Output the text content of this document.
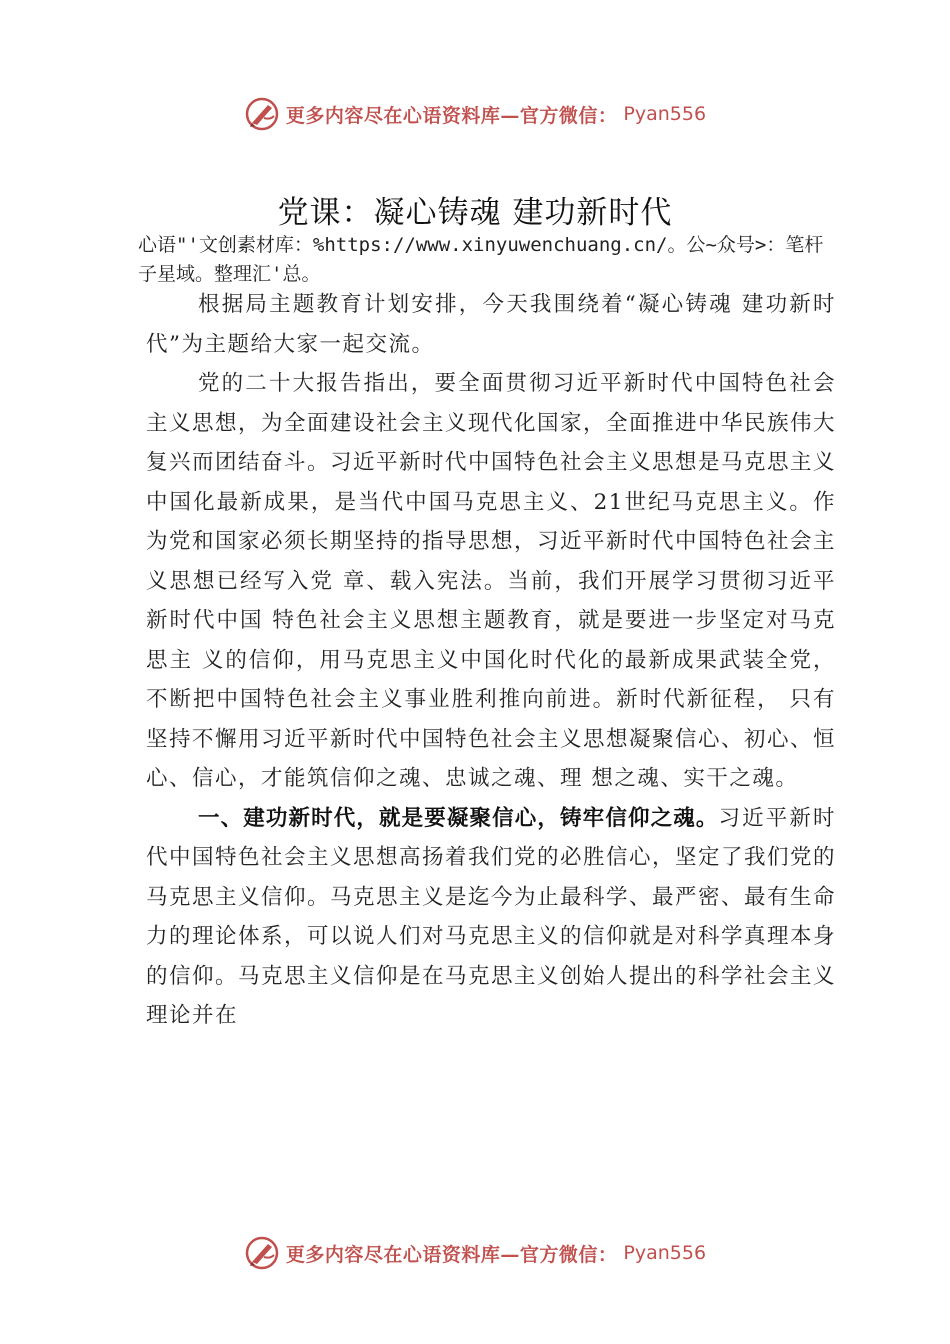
更多内容尽在心语资料库—官方微信： Pyan556
党课：凝心铸魂 建功新时代
心语"'文创素材库：%https://www.xinyuwenchuang.cn/。公~众号>：笔杆子星域。整理汇'总。

根据局主题教育计划安排，今天我围绕着“凝心铸魂 建功新时代”为主题给大家一起交流。

党的二十大报告指出，要全面贯彻习近平新时代中国特色社会主义思想，为全面建设社会主义现代化国家，全面推进中华民族伟大复兴而团结奋斗。习近平新时代中国特色社会主义思想是马克思主义中国化最新成果，是当代中国马克思主义、21世纪马克思主义。作为党和国家必须长期坚持的指导思想，习近平新时代中国特色社会主义思想已经写入党 章、载入宪法。当前，我们开展学习贯彻习近平新时代中国 特色社会主义思想主题教育，就是要进一步坚定对马克思主 义的信仰，用马克思主义中国化时代化的最新成果武装全党， 不断把中国特色社会主义事业胜利推向前进。新时代新征程， 只有坚持不懈用习近平新时代中国特色社会主义思想凝聚信心、初心、恒心、信心，才能筑信仰之魂、忠诚之魂、理 想之魂、实干之魂。

一、建功新时代，就是要凝聚信心，铸牢信仰之魂。习近平新时代中国特色社会主义思想高扬着我们党的必胜信心，坚定了我们党的马克思主义信仰。马克思主义是迄今为止最科学、最严密、最有生命力的理论体系，可以说人们对马克思主义的信仰就是对科学真理本身的信仰。马克思主义信仰是在马克思主义创始人提出的科学社会主义理论并在

更多内容尽在心语资料库—官方微信： Pyan556
